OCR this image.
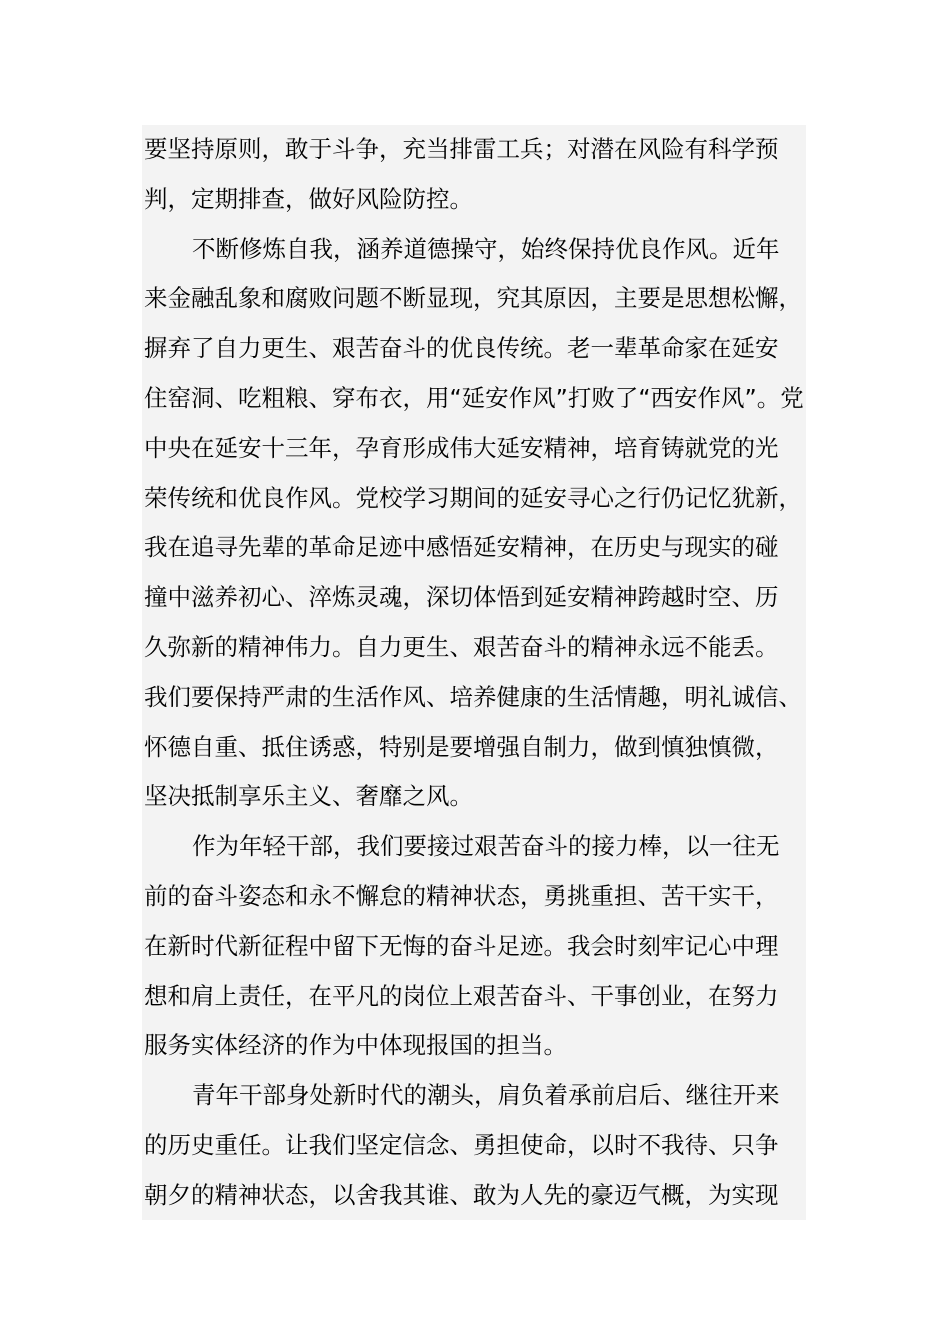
要坚持原则，敢于斗争，充当排雷工兵；对潜在风险有科学预
判，定期排查，做好风险防控。
不断修炼自我，涵养道德操守，始终保持优良作风。近年
来金融乱象和腐败问题不断显现，究其原因，主要是思想松懈，
摒弃了自力更生、艰苦奋斗的优良传统。老一辈革命家在延安
住窑洞、吃粗粮、穿布衣，用“延安作风”打败了“西安作风”。党
中央在延安十三年，孕育形成伟大延安精神，培育铸就党的光
荣传统和优良作风。党校学习期间的延安寻心之行仍记忆犹新，
我在追寻先辈的革命足迹中感悟延安精神，在历史与现实的碰
撞中滋养初心、淬炼灵魂，深切体悟到延安精神跨越时空、历
久弥新的精神伟力。自力更生、艰苦奋斗的精神永远不能丢。
我们要保持严肃的生活作风、培养健康的生活情趣，明礼诚信、
怀德自重、抵住诱惑，特别是要增强自制力，做到慎独慎微，
坚决抵制享乐主义、奢靡之风。
作为年轻干部，我们要接过艰苦奋斗的接力棒，以一往无
前的奋斗姿态和永不懈怠的精神状态，勇挑重担、苦干实干，
在新时代新征程中留下无悔的奋斗足迹。我会时刻牢记心中理
想和肩上责任，在平凡的岗位上艰苦奋斗、干事创业，在努力
服务实体经济的作为中体现报国的担当。
青年干部身处新时代的潮头，肩负着承前启后、继往开来
的历史重任。让我们坚定信念、勇担使命，以时不我待、只争
朝夕的精神状态，以舍我其谁、敢为人先的豪迈气概，为实现
